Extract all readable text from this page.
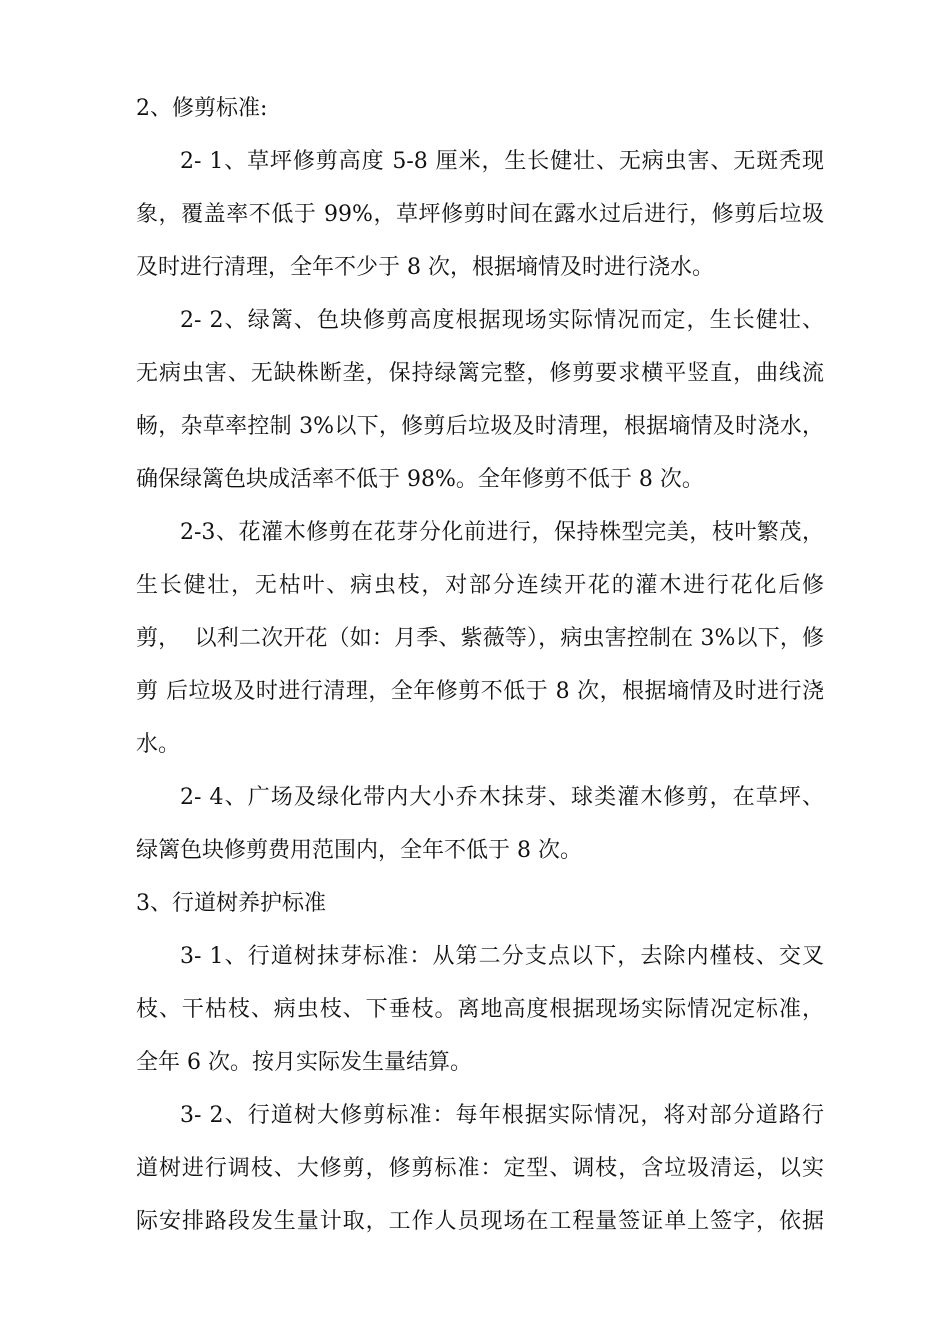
2、修剪标准:
2- 1、草坪修剪高度 5-8 厘米，生长健壮、无病虫害、无斑秃现
象，覆盖率不低于 99%，草坪修剪时间在露水过后进行，修剪后垃圾
及时进行清理，全年不少于 8 次，根据墒情及时进行浇水。
2- 2、绿篱、色块修剪高度根据现场实际情况而定，生长健壮、
无病虫害、无缺株断垄，保持绿篱完整，修剪要求横平竖直，曲线流
畅，杂草率控制 3%以下，修剪后垃圾及时清理，根据墒情及时浇水，
确保绿篱色块成活率不低于 98%。全年修剪不低于 8 次。
2-3、花灌木修剪在花芽分化前进行，保持株型完美，枝叶繁茂，
生长健壮，无枯叶、病虫枝，对部分连续开花的灌木进行花化后修
剪，  以利二次开花（如：月季、紫薇等），病虫害控制在 3%以下，修
剪 后垃圾及时进行清理，全年修剪不低于 8 次，根据墒情及时进行浇
水。
2- 4、广场及绿化带内大小乔木抹芽、球类灌木修剪，在草坪、
绿篱色块修剪费用范围内，全年不低于 8 次。
3、行道树养护标准
3- 1、行道树抹芽标准：从第二分支点以下，去除内槿枝、交叉
枝、干枯枝、病虫枝、下垂枝。离地高度根据现场实际情况定标准，
全年 6 次。按月实际发生量结算。
3- 2、行道树大修剪标准：每年根据实际情况，将对部分道路行
道树进行调枝、大修剪，修剪标准：定型、调枝，含垃圾清运，以实
际安排路段发生量计取，工作人员现场在工程量签证单上签字，依据
